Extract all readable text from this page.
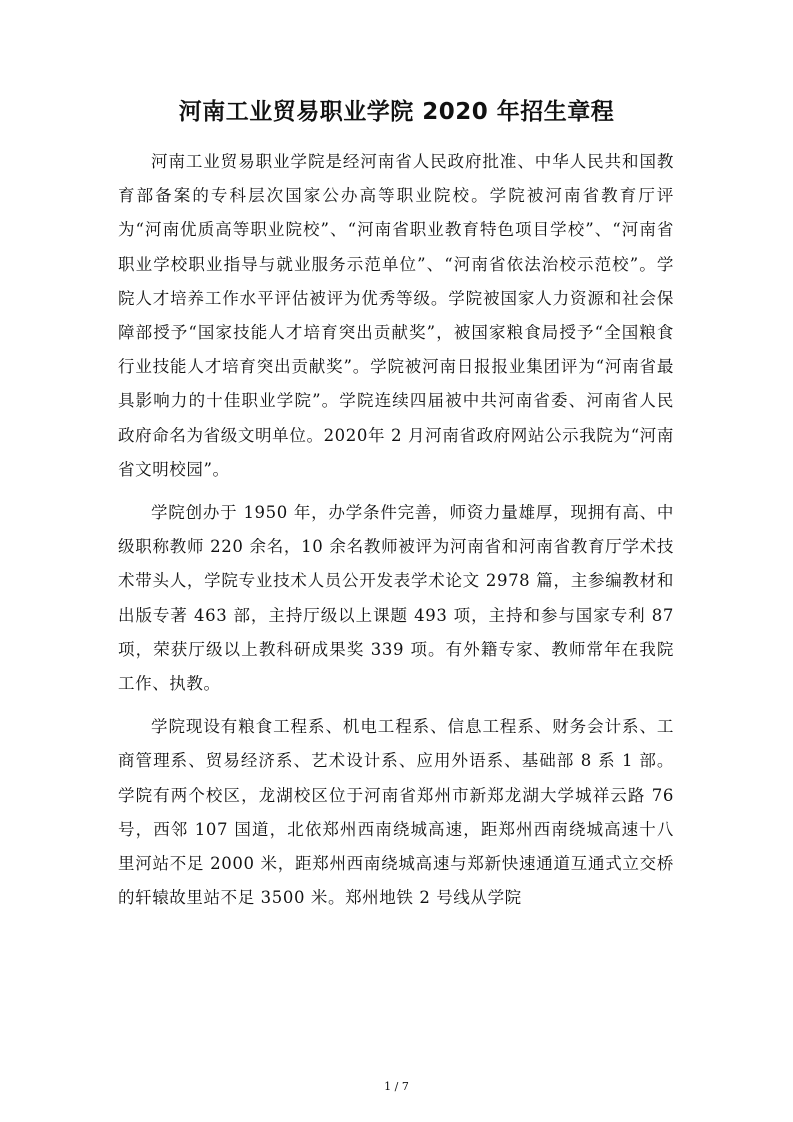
河南工业贸易职业学院 2020 年招生章程

河南工业贸易职业学院是经河南省人民政府批准、中华人民共和国教育部备案的专科层次国家公办高等职业院校。学院被河南省教育厅评为“河南优质高等职业院校”、“河南省职业教育特色项目学校”、“河南省职业学校职业指导与就业服务示范单位”、“河南省依法治校示范校”。学院人才培养工作水平评估被评为优秀等级。学院被国家人力资源和社会保障部授予“国家技能人才培育突出贡献奖”，被国家粮食局授予“全国粮食行业技能人才培育突出贡献奖”。学院被河南日报报业集团评为“河南省最具影响力的十佳职业学院”。学院连续四届被中共河南省委、河南省人民政府命名为省级文明单位。2020年 2 月河南省政府网站公示我院为“河南省文明校园”。

学院创办于 1950 年，办学条件完善，师资力量雄厚，现拥有高、中级职称教师 220 余名，10 余名教师被评为河南省和河南省教育厅学术技术带头人，学院专业技术人员公开发表学术论文 2978 篇，主参编教材和出版专著 463 部，主持厅级以上课题 493 项，主持和参与国家专利 87 项，荣获厅级以上教科研成果奖 339 项。有外籍专家、教师常年在我院工作、执教。

学院现设有粮食工程系、机电工程系、信息工程系、财务会计系、工商管理系、贸易经济系、艺术设计系、应用外语系、基础部 8 系 1 部。学院有两个校区，龙湖校区位于河南省郑州市新郑龙湖大学城祥云路 76 号，西邻 107 国道，北依郑州西南绕城高速，距郑州西南绕城高速十八里河站不足 2000 米，距郑州西南绕城高速与郑新快速通道互通式立交桥的轩辕故里站不足 3500 米。郑州地铁 2 号线从学院

1 / 7
